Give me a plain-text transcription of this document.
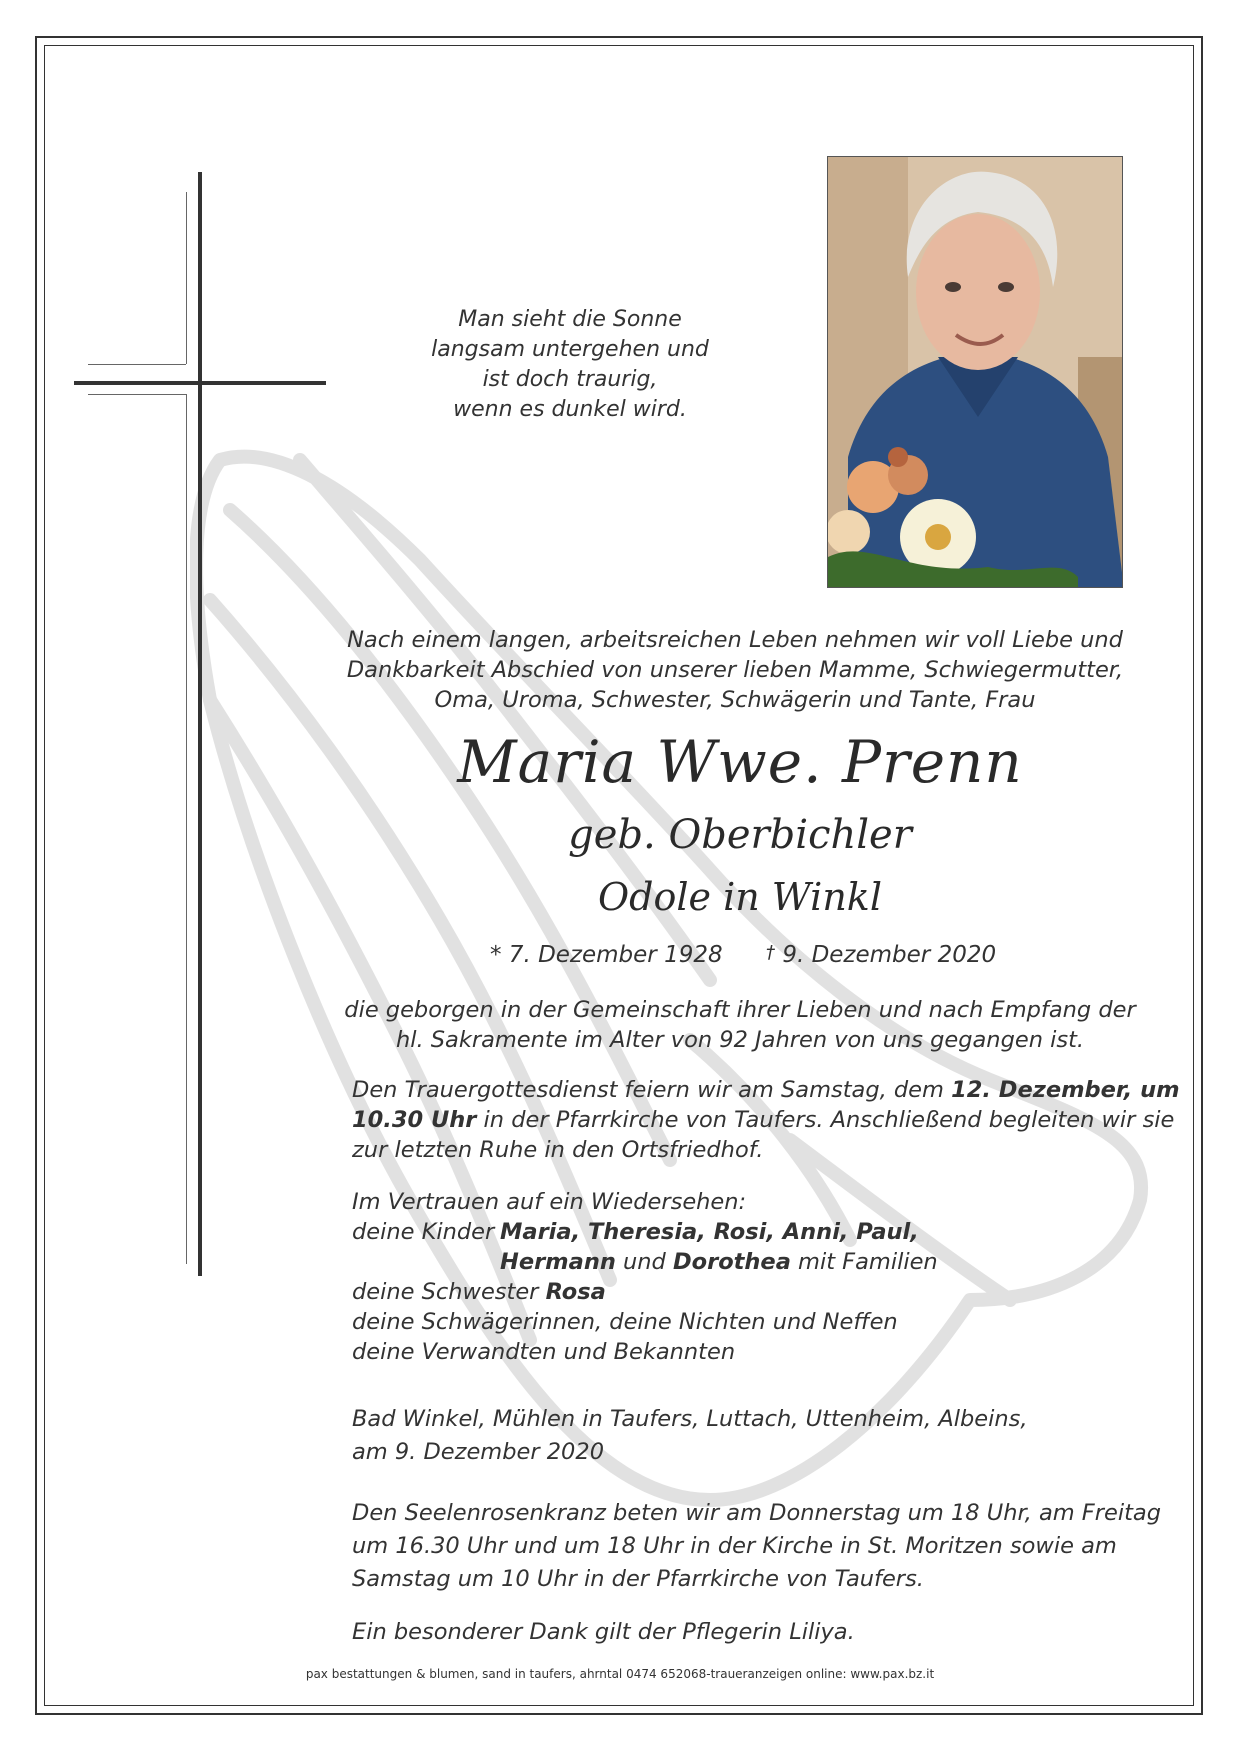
Man sieht die Sonne
langsam untergehen und
ist doch traurig,
wenn es dunkel wird.
Nach einem langen, arbeitsreichen Leben nehmen wir voll Liebe und
Dankbarkeit Abschied von unserer lieben Mamme, Schwiegermutter,
Oma, Uroma, Schwester, Schwägerin und Tante, Frau
Maria Wwe. Prenn
geb. Oberbichler
Odole in Winkl
* 7. Dezember 1928 † 9. Dezember 2020
die geborgen in der Gemeinschaft ihrer Lieben und nach Empfang der
hl. Sakramente im Alter von 92 Jahren von uns gegangen ist.
Den Trauergottesdienst feiern wir am Samstag, dem 12. Dezember, um
10.30 Uhr in der Pfarrkirche von Taufers. Anschließend begleiten wir sie
zur letzten Ruhe in den Ortsfriedhof.
Im Vertrauen auf ein Wiedersehen:
deine Kinder Maria, Theresia, Rosi, Anni, Paul,
Hermann und Dorothea mit Familien
deine Schwester Rosa
deine Schwägerinnen, deine Nichten und Neffen
deine Verwandten und Bekannten
Bad Winkel, Mühlen in Taufers, Luttach, Uttenheim, Albeins,
am 9. Dezember 2020
Den Seelenrosenkranz beten wir am Donnerstag um 18 Uhr, am Freitag
um 16.30 Uhr und um 18 Uhr in der Kirche in St. Moritzen sowie am
Samstag um 10 Uhr in der Pfarrkirche von Taufers.
Ein besonderer Dank gilt der Pflegerin Liliya.
pax bestattungen & blumen, sand in taufers, ahrntal 0474 652068-traueranzeigen online: www.pax.bz.it
